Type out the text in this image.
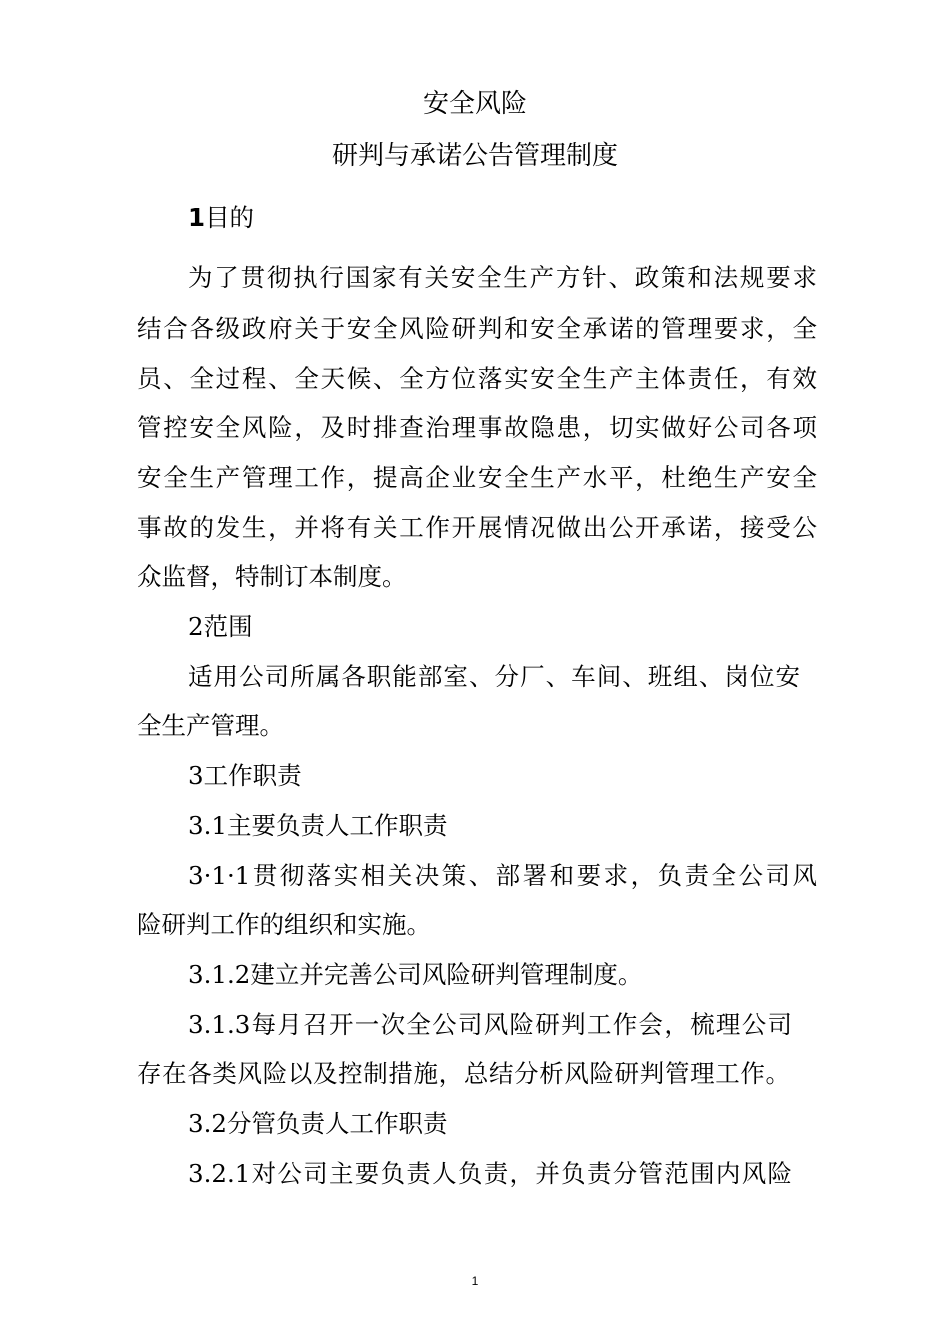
安全风险
研判与承诺公告管理制度
1目的
为了贯彻执行国家有关安全生产方针、政策和法规要求
结合各级政府关于安全风险研判和安全承诺的管理要求，全
员、全过程、全天候、全方位落实安全生产主体责任，有效
管控安全风险，及时排查治理事故隐患，切实做好公司各项
安全生产管理工作，提高企业安全生产水平，杜绝生产安全
事故的发生，并将有关工作开展情况做出公开承诺，接受公
众监督，特制订本制度。
2范围
适用公司所属各职能部室、分厂、车间、班组、岗位安
全生产管理。
3工作职责
3.1主要负责人工作职责
3·1·1贯彻落实相关决策、部署和要求，负责全公司风
险研判工作的组织和实施。
3.1.2建立并完善公司风险研判管理制度。
3.1.3每月召开一次全公司风险研判工作会，梳理公司
存在各类风险以及控制措施，总结分析风险研判管理工作。
3.2分管负责人工作职责
3.2.1对公司主要负责人负责，并负责分管范围内风险
1
